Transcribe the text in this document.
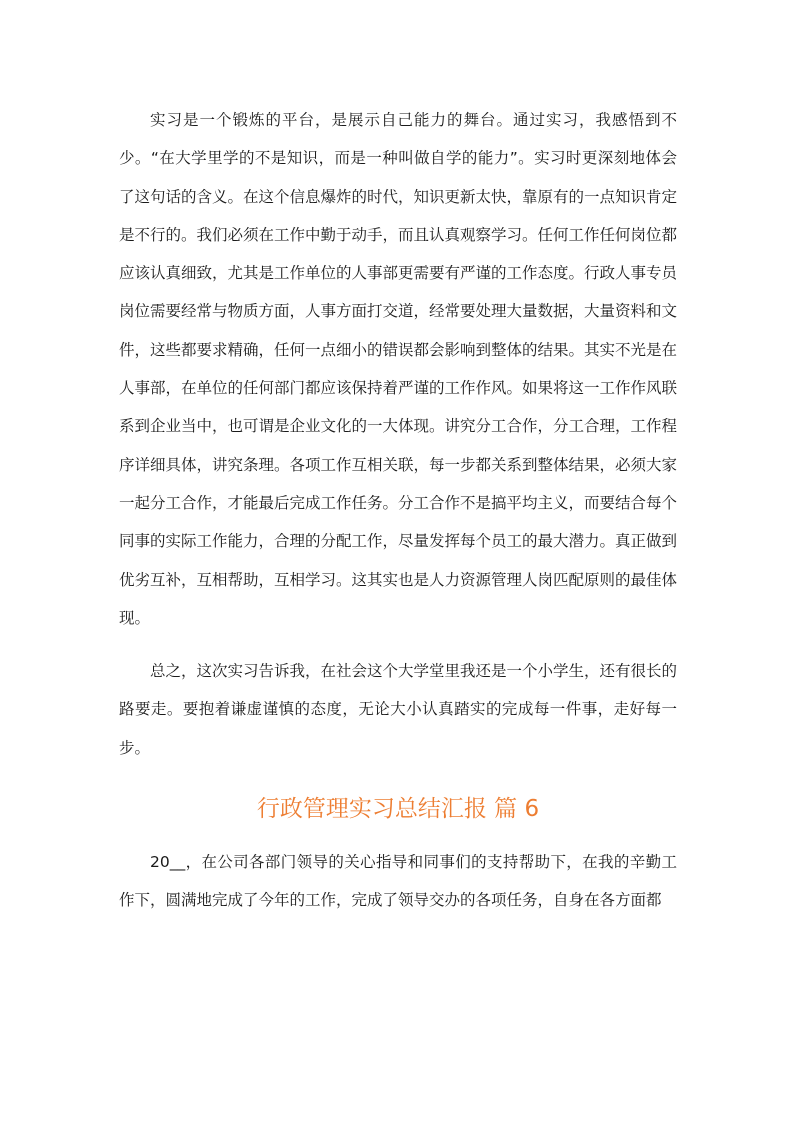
实习是一个锻炼的平台，是展示自己能力的舞台。通过实习，我感悟到不少。“在大学里学的不是知识，而是一种叫做自学的能力”。实习时更深刻地体会了这句话的含义。在这个信息爆炸的时代，知识更新太快，靠原有的一点知识肯定是不行的。我们必须在工作中勤于动手，而且认真观察学习。任何工作任何岗位都应该认真细致，尤其是工作单位的人事部更需要有严谨的工作态度。行政人事专员岗位需要经常与物质方面，人事方面打交道，经常要处理大量数据，大量资料和文件，这些都要求精确，任何一点细小的错误都会影响到整体的结果。其实不光是在人事部，在单位的任何部门都应该保持着严谨的工作作风。如果将这一工作作风联系到企业当中，也可谓是企业文化的一大体现。讲究分工合作，分工合理，工作程序详细具体，讲究条理。各项工作互相关联，每一步都关系到整体结果，必须大家一起分工合作，才能最后完成工作任务。分工合作不是搞平均主义，而要结合每个同事的实际工作能力，合理的分配工作，尽量发挥每个员工的最大潜力。真正做到优劣互补，互相帮助，互相学习。这其实也是人力资源管理人岗匹配原则的最佳体现。

总之，这次实习告诉我，在社会这个大学堂里我还是一个小学生，还有很长的路要走。要抱着谦虚谨慎的态度，无论大小认真踏实的完成每一件事，走好每一步。

行政管理实习总结汇报 篇 6

20__，在公司各部门领导的关心指导和同事们的支持帮助下，在我的辛勤工作下，圆满地完成了今年的工作，完成了领导交办的各项任务，自身在各方面都
